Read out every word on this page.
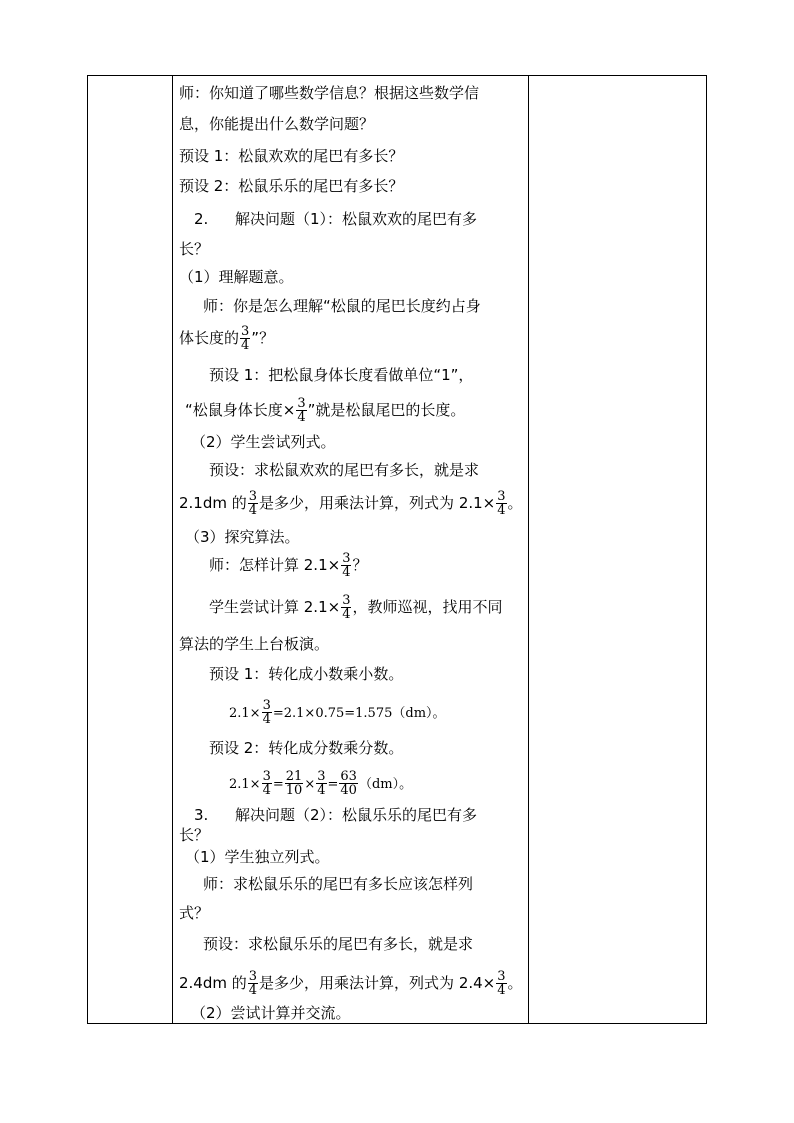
师：你知道了哪些数学信息？根据这些数学信
息，你能提出什么数学问题？
预设 1：松鼠欢欢的尾巴有多长？
预设 2：松鼠乐乐的尾巴有多长？
2. 解决问题（1）：松鼠欢欢的尾巴有多
长？
（1）理解题意。
师：你是怎么理解“松鼠的尾巴长度约占身
体长度的 $\frac{3}{4}$ ”？
预设 1：把松鼠身体长度看做单位“1”，
“松鼠身体长度× $\frac{3}{4}$ ”就是松鼠尾巴的长度。
（2）学生尝试列式。
预设：求松鼠欢欢的尾巴有多长，就是求
2.1dm 的 $\frac{3}{4}$ 是多少，用乘法计算，列式为 $2.1\times \frac{3}{4}$ 。
（3）探究算法。
师：怎样计算 $2.1\times \frac{3}{4}$ ？
学生尝试计算 $2.1\times \frac{3}{4}$ ，教师巡视，找用不同
算法的学生上台板演。
预设 1：转化成小数乘小数。
$2.1\times \frac{3}{4} =2.1\times 0.75=1.575(dm)$。
预设 2：转化成分数乘分数。
$2.1\times \frac{3}{4} = \frac{21}{10} \times \frac{3}{4} = \frac{63}{40} (dm)$。
3. 解决问题（2）：松鼠乐乐的尾巴有多
长？
（1）学生独立列式。
师：求松鼠乐乐的尾巴有多长应该怎样列
式？
预设：求松鼠乐乐的尾巴有多长，就是求
2.4dm 的 $\frac{3}{4}$ 是多少，用乘法计算，列式为 $2.4\times \frac{3}{4}$ 。
（2）尝试计算并交流。
